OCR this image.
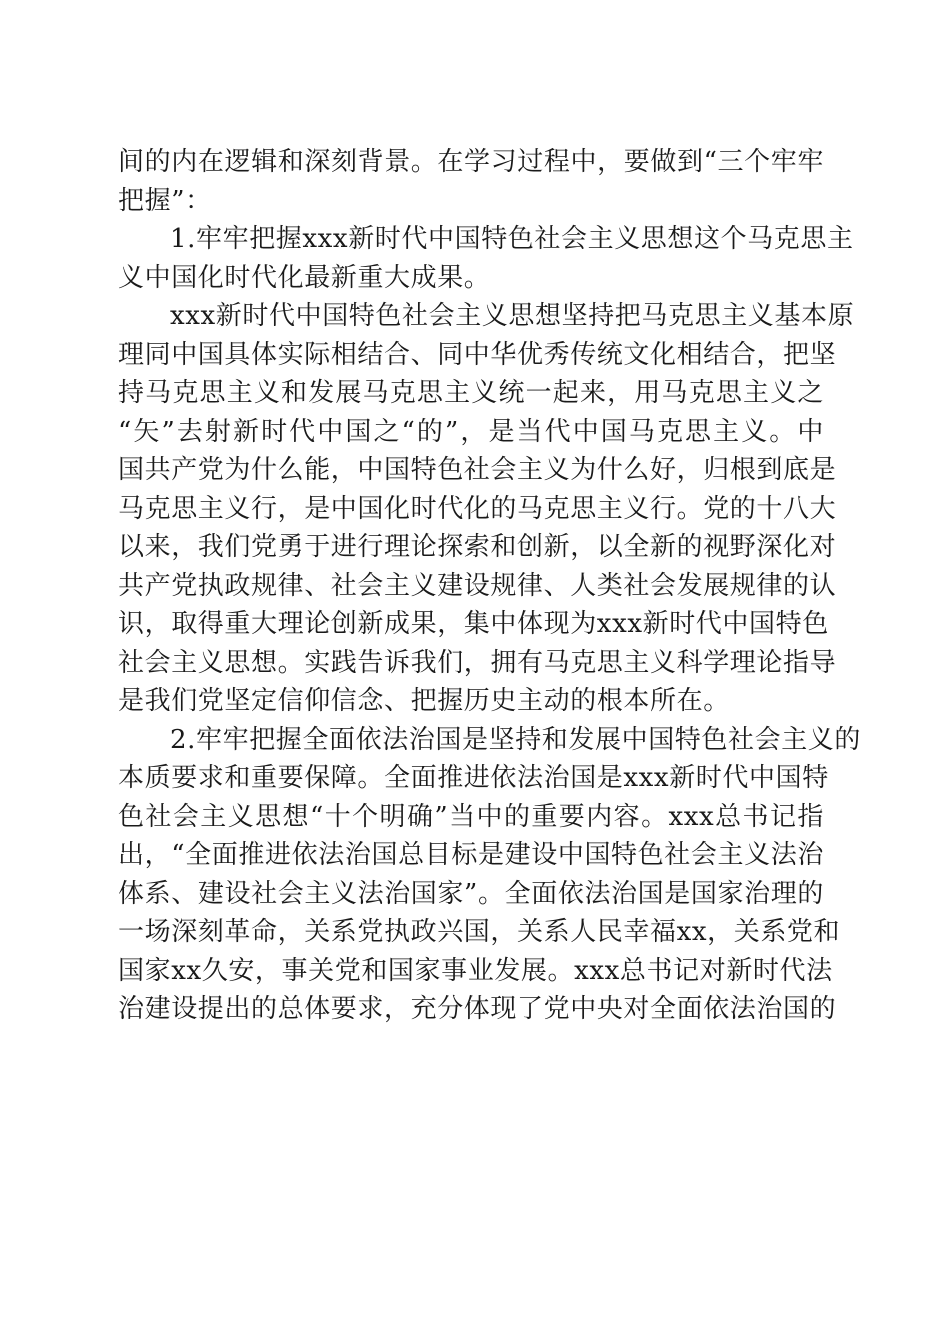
间的内在逻辑和深刻背景。在学习过程中，要做到“三个牢牢
把握”：
1.牢牢把握xxx新时代中国特色社会主义思想这个马克思主
义中国化时代化最新重大成果。
xxx新时代中国特色社会主义思想坚持把马克思主义基本原
理同中国具体实际相结合、同中华优秀传统文化相结合，把坚
持马克思主义和发展马克思主义统一起来，用马克思主义之
“矢”去射新时代中国之“的”，是当代中国马克思主义。中
国共产党为什么能，中国特色社会主义为什么好，归根到底是
马克思主义行，是中国化时代化的马克思主义行。党的十八大
以来，我们党勇于进行理论探索和创新，以全新的视野深化对
共产党执政规律、社会主义建设规律、人类社会发展规律的认
识，取得重大理论创新成果，集中体现为xxx新时代中国特色
社会主义思想。实践告诉我们，拥有马克思主义科学理论指导
是我们党坚定信仰信念、把握历史主动的根本所在。
2.牢牢把握全面依法治国是坚持和发展中国特色社会主义的
本质要求和重要保障。全面推进依法治国是xxx新时代中国特
色社会主义思想“十个明确”当中的重要内容。xxx总书记指
出，“全面推进依法治国总目标是建设中国特色社会主义法治
体系、建设社会主义法治国家”。全面依法治国是国家治理的
一场深刻革命，关系党执政兴国，关系人民幸福xx，关系党和
国家xx久安，事关党和国家事业发展。xxx总书记对新时代法
治建设提出的总体要求，充分体现了党中央对全面依法治国的
